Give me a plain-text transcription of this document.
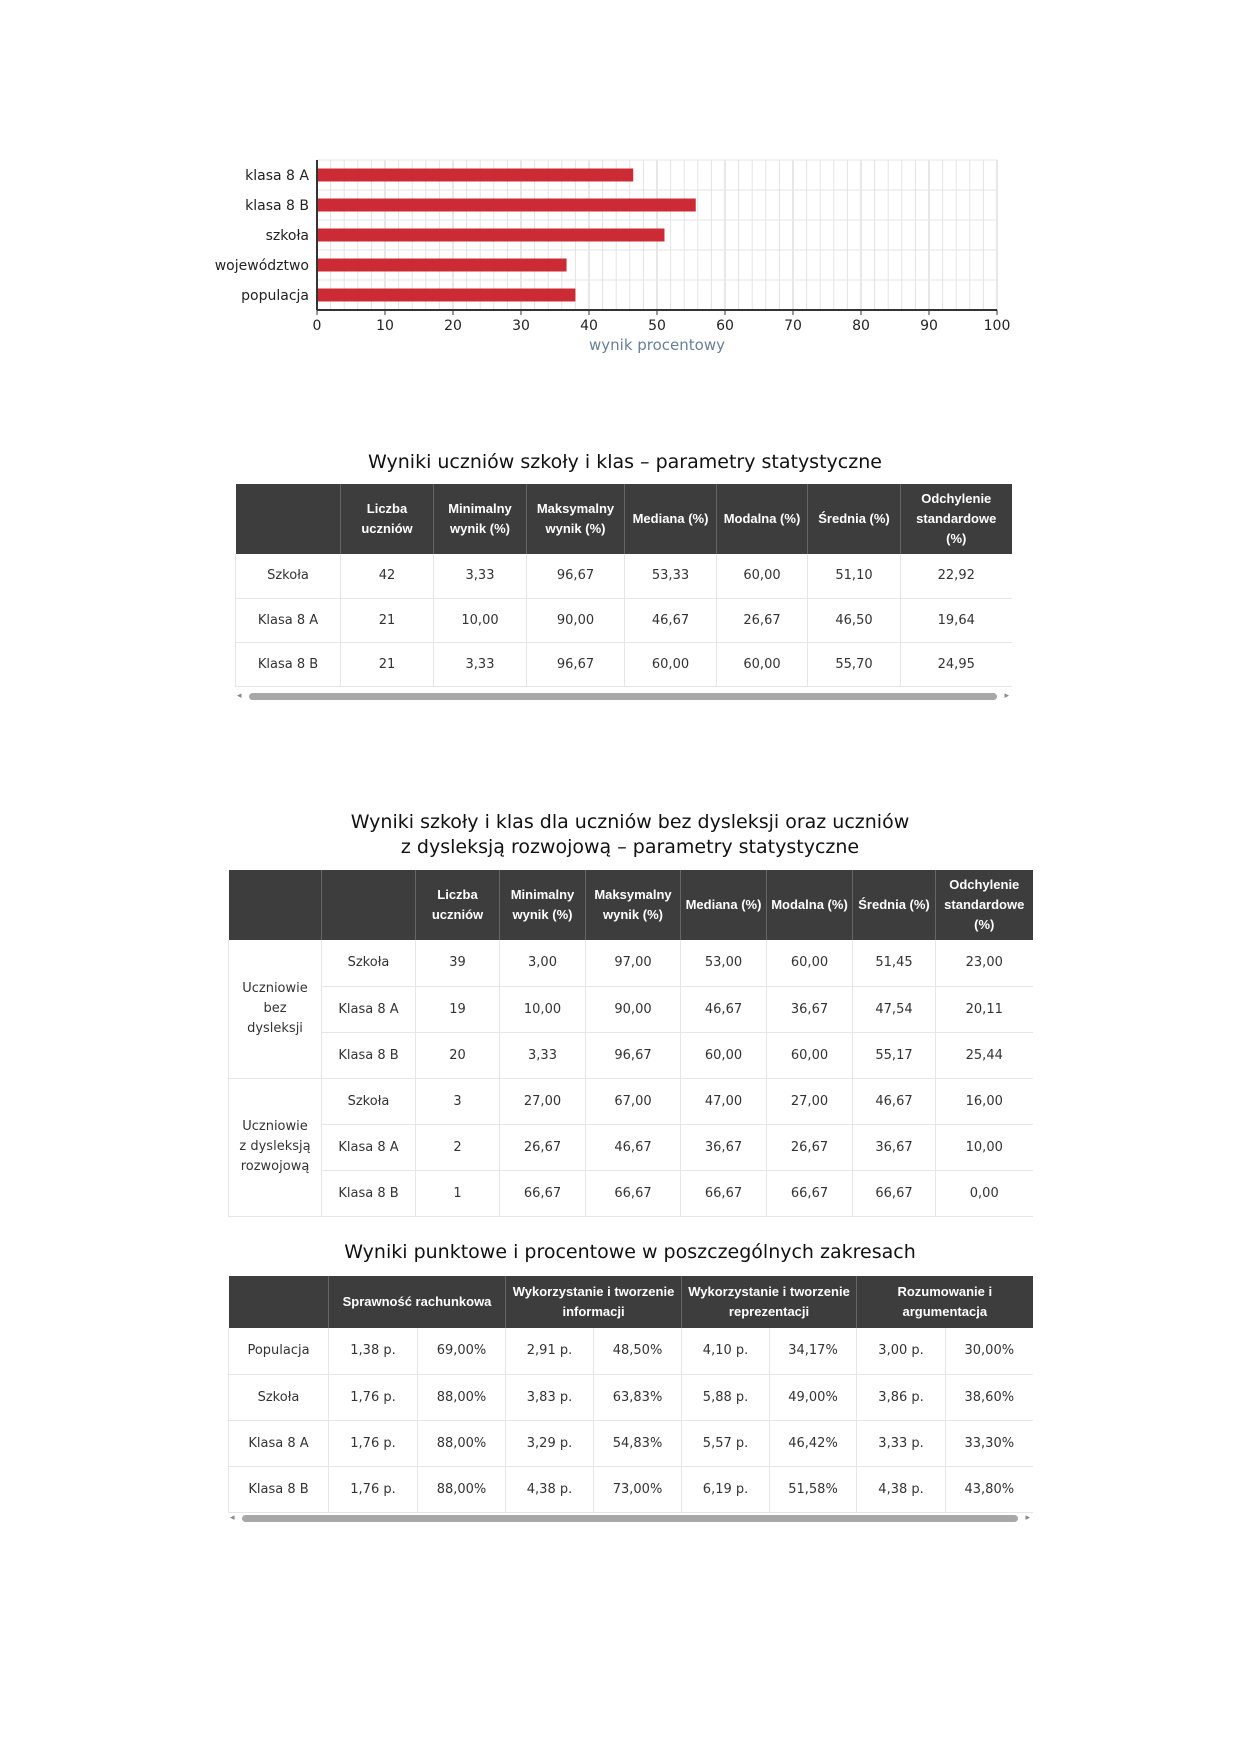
klasa 8 A
klasa 8 B
szkoła
województwo
populacja
0	10	20	30	40	50	60	70	80	90	100
wynik procentowy
Wyniki uczniów szkoły i klas – parametry statystyczne
	Liczba uczniów	Minimalny wynik (%)	Maksymalny wynik (%)	Mediana (%)	Modalna (%)	Średnia (%)	Odchylenie standardowe (%)
Szkoła	42	3,33	96,67	53,33	60,00	51,10	22,92
Klasa 8 A	21	10,00	90,00	46,67	26,67	46,50	19,64
Klasa 8 B	21	3,33	96,67	60,00	60,00	55,70	24,95
◂	▸
Wyniki szkoły i klas dla uczniów bez dysleksji oraz uczniów
z dysleksją rozwojową – parametry statystyczne
		Liczba uczniów	Minimalny wynik (%)	Maksymalny wynik (%)	Mediana (%)	Modalna (%)	Średnia (%)	Odchylenie standardowe (%)
Uczniowie bez dysleksji	Szkoła	39	3,00	97,00	53,00	60,00	51,45	23,00
	Klasa 8 A	19	10,00	90,00	46,67	36,67	47,54	20,11
	Klasa 8 B	20	3,33	96,67	60,00	60,00	55,17	25,44
Uczniowie z dysleksją rozwojową	Szkoła	3	27,00	67,00	47,00	27,00	46,67	16,00
	Klasa 8 A	2	26,67	46,67	36,67	26,67	36,67	10,00
	Klasa 8 B	1	66,67	66,67	66,67	66,67	66,67	0,00
Wyniki punktowe i procentowe w poszczególnych zakresach
	Sprawność rachunkowa		Wykorzystanie i tworzenie informacji		Wykorzystanie i tworzenie reprezentacji		Rozumowanie i argumentacja	
Populacja	1,38 p.	69,00%	2,91 p.	48,50%	4,10 p.	34,17%	3,00 p.	30,00%
Szkoła	1,76 p.	88,00%	3,83 p.	63,83%	5,88 p.	49,00%	3,86 p.	38,60%
Klasa 8 A	1,76 p.	88,00%	3,29 p.	54,83%	5,57 p.	46,42%	3,33 p.	33,30%
Klasa 8 B	1,76 p.	88,00%	4,38 p.	73,00%	6,19 p.	51,58%	4,38 p.	43,80%
◂	▸
